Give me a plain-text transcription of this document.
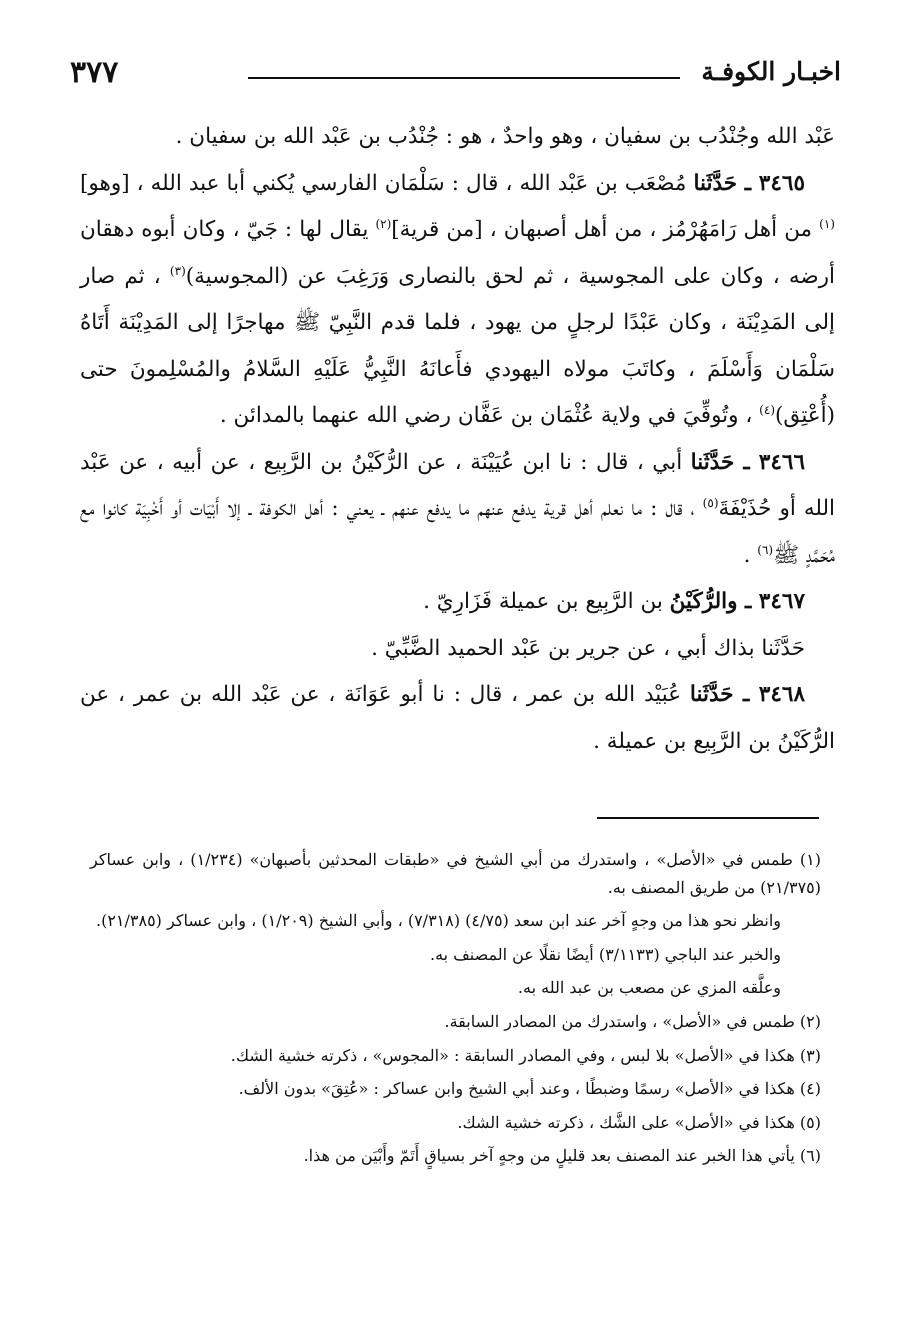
٣٧٧	اخبـار الكوفـة

عَبْد الله وجُنْدُب بن سفيان ، وهو واحدٌ ، هو : جُنْدُب بن عَبْد الله بن سفيان .

٣٤٦٥ ـ حَدَّثَنا مُصْعَب بن عَبْد الله ، قال : سَلْمَان الفارسي يُكني أبا عبد الله ، [وهو]$^{(١)}$ من أهل رَامَهُرْمُز ، من أهل أصبهان ، [من قرية]$^{(٢)}$ يقال لها : جَيّ ، وكان أبوه دهقان أرضه ، وكان على المجوسية ، ثم لحق بالنصارى وَرَغِبَ عن (المجوسية)$^{(٣)}$ ، ثم صار إلى المَدِيْنَة ، وكان عَبْدًا لرجلٍ من يهود ، فلما قدم النَّبِيّ ﷺ مهاجرًا إلى المَدِيْنَة أَتَاهُ سَلْمَان وَأَسْلَمَ ، وكاتَبَ مولاه اليهودي فأَعانَهُ النَّبِيُّ عَلَيْهِ السَّلامُ والمُسْلِمونَ حتى (أُعْتِق)$^{(٤)}$ ، وتُوفِّيَ في ولاية عُثْمَان بن عَفَّان رضي الله عنهما بالمدائن .

٣٤٦٦ ـ حَدَّثَنا أبي ، قال : نا ابن عُيَيْنَة ، عن الرُّكَيْنُ بن الرَّبِيع ، عن أبيه ، عن عَبْد الله أو حُذَيْفَةَ$^{(٥)}$ ، قال : ما نعلم أهل قرية يدفع عنهم ما يدفع عنهم ـ يعني : أهل الكوفة ـ إلا أَبْيَات أو أَخْبِيَة كانوا مع مُحَمَّدٍ ﷺ$^{(٦)}$ .

٣٤٦٧ ـ والرُّكَيْنُ بن الرَّبِيع بن عميلة فَزَارِيّ .

حَدَّثَنا بذاك أبي ، عن جرير بن عَبْد الحميد الضَّبِّيّ .

٣٤٦٨ ـ حَدَّثَنا عُبَيْد الله بن عمر ، قال : نا أبو عَوَانَة ، عن عَبْد الله بن عمر ، عن الرُّكَيْنُ بن الرَّبِيع بن عميلة .

(١) طمس في «الأصل» ، واستدرك من أبي الشيخ في «طبقات المحدثين بأصبهان» (١/٢٣٤) ، وابن عساكر (٢١/٣٧٥) من طريق المصنف به.

وانظر نحو هذا من وجهٍ آخر عند ابن سعد (٤/٧٥) (٧/٣١٨) ، وأبي الشيخ (١/٢٠٩) ، وابن عساكر (٢١/٣٨٥).

والخبر عند الباجي (٣/١١٣٣) أيضًا نقلًا عن المصنف به.

وعلَّقه المزي عن مصعب بن عبد الله به.

(٢) طمس في «الأصل» ، واستدرك من المصادر السابقة.

(٣) هكذا في «الأصل» بلا لبس ، وفي المصادر السابقة : «المجوس» ، ذكرته خشية الشك.

(٤) هكذا في «الأصل» رسمًا وضبطًا ، وعند أبي الشيخ وابن عساكر : «عُتِقَ» بدون الألف.

(٥) هكذا في «الأصل» على الشَّك ، ذكرته خشية الشك.

(٦) يأتي هذا الخبر عند المصنف بعد قليلٍ من وجهٍ آخر بسياقٍ أَتَمّ وأَبْيَن من هذا.
